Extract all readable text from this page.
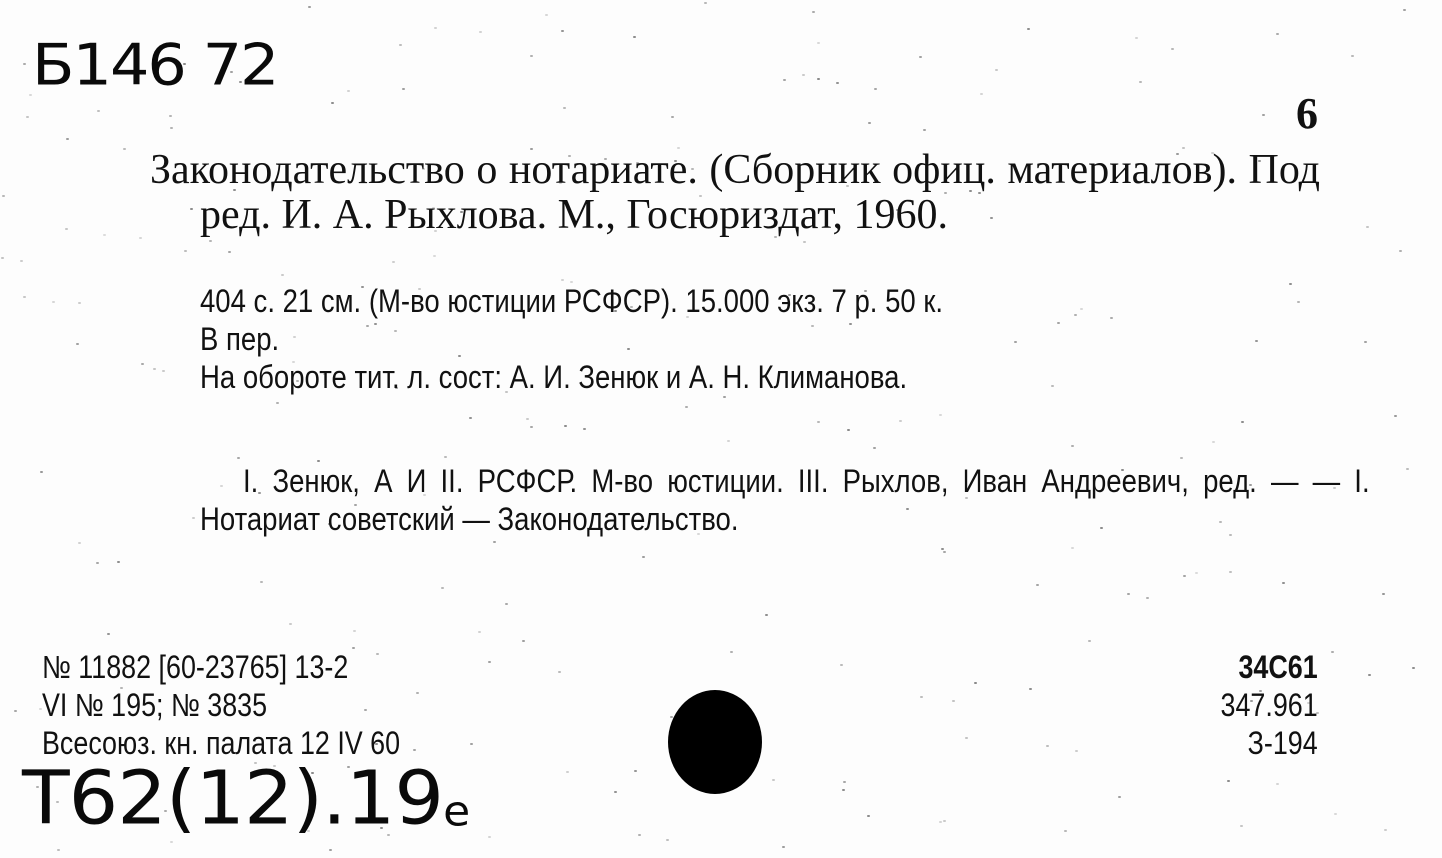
Б146 72
6
Законодательство о нотариате. (Сборник офиц. материалов). Под ред. И. А. Рыхлова. М., Госюриздат, 1960.
404 с. 21 см. (М-во юстиции РСФСР). 15.000 экз. 7 р. 50 к.
В пер.
На обороте тит. л. сост: А. И. Зенюк и А. Н. Климанова.
I. Зенюк, А И II. РСФСР. М-во юстиции. III. Рыхлов, Иван Андреевич, ред. — — I. Нотариат советский — Законодательство.
№ 11882 [60-23765] 13-2
VI № 195; № 3835
Всесоюз. кн. палата 12 IV 60
34С61
347.961
З-194
Т62(12).19е
